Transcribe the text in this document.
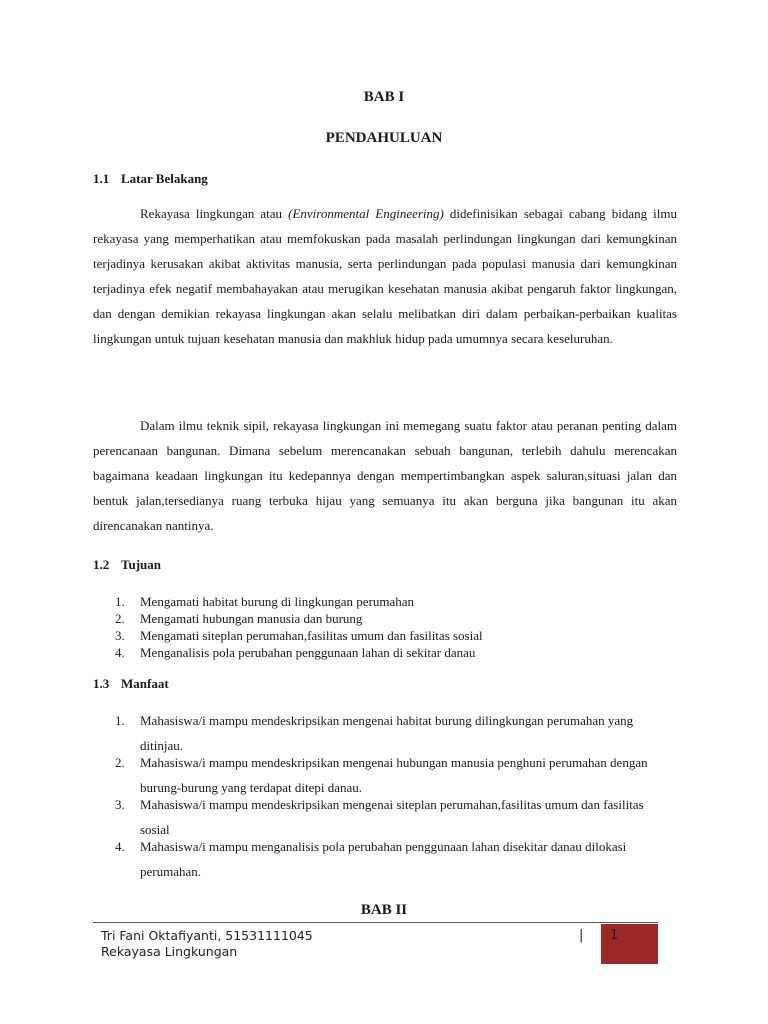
BAB I
PENDAHULUAN
1.1 Latar Belakang

Rekayasa lingkungan atau (Environmental Engineering) didefinisikan sebagai cabang bidang ilmu rekayasa yang memperhatikan atau memfokuskan pada masalah perlindungan lingkungan dari kemungkinan terjadinya kerusakan akibat aktivitas manusia, serta perlindungan pada populasi manusia dari kemungkinan terjadinya efek negatif membahayakan atau merugikan kesehatan manusia akibat pengaruh faktor lingkungan, dan dengan demikian rekayasa lingkungan akan selalu melibatkan diri dalam perbaikan-perbaikan kualitas lingkungan untuk tujuan kesehatan manusia dan makhluk hidup pada umumnya secara keseluruhan.

Dalam ilmu teknik sipil, rekayasa lingkungan ini memegang suatu faktor atau peranan penting dalam perencanaan bangunan. Dimana sebelum merencanakan sebuah bangunan, terlebih dahulu merencakan bagaimana keadaan lingkungan itu kedepannya dengan mempertimbangkan aspek saluran,situasi jalan dan bentuk jalan,tersedianya ruang terbuka hijau yang semuanya itu akan berguna jika bangunan itu akan direncanakan nantinya.

1.2 Tujuan
1.	Mengamati habitat burung di lingkungan perumahan
2.	Mengamati hubungan manusia dan burung
3.	Mengamati siteplan perumahan,fasilitas umum dan fasilitas sosial
4.	Menganalisis pola perubahan penggunaan lahan di sekitar danau
1.3 Manfaat
1.	Mahasiswa/i mampu mendeskripsikan mengenai habitat burung dilingkungan perumahan yang ditinjau.
2.	Mahasiswa/i mampu mendeskripsikan mengenai hubungan manusia penghuni perumahan dengan burung-burung yang terdapat ditepi danau.
3.	Mahasiswa/i mampu mendeskripsikan mengenai siteplan perumahan,fasilitas umum dan fasilitas sosial
4.	Mahasiswa/i mampu menganalisis pola perubahan penggunaan lahan disekitar danau dilokasi perumahan.
BAB II
Tri Fani Oktafiyanti, 51531111045
Rekayasa Lingkungan
| 1
